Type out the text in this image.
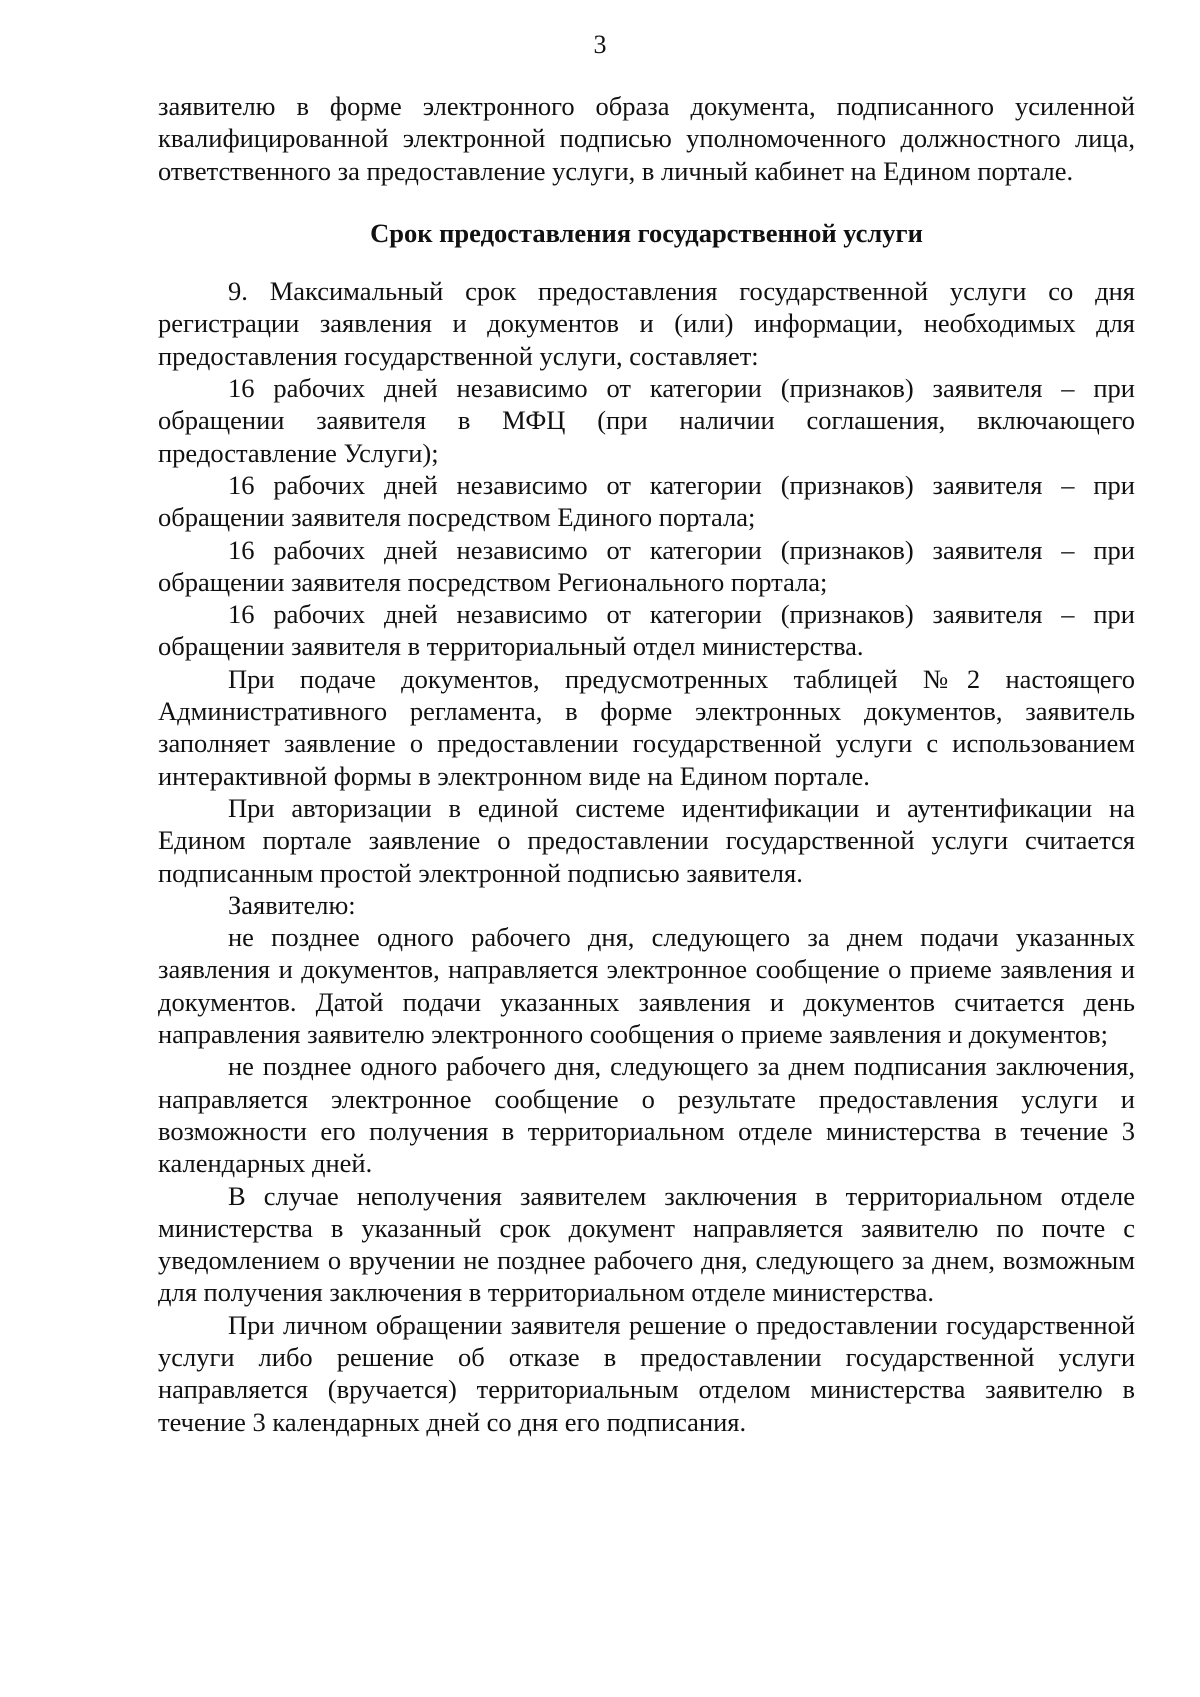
3

заявителю в форме электронного образа документа, подписанного усиленной квалифицированной электронной подписью уполномоченного должностного лица, ответственного за предоставление услуги, в личный кабинет на Едином портале.

Срок предоставления государственной услуги

9. Максимальный срок предоставления государственной услуги со дня регистрации заявления и документов и (или) информации, необходимых для предоставления государственной услуги, составляет:

16 рабочих дней независимо от категории (признаков) заявителя – при обращении заявителя в МФЦ (при наличии соглашения, включающего предоставление Услуги);

16 рабочих дней независимо от категории (признаков) заявителя – при обращении заявителя посредством Единого портала;

16 рабочих дней независимо от категории (признаков) заявителя – при обращении заявителя посредством Регионального портала;

16 рабочих дней независимо от категории (признаков) заявителя – при обращении заявителя в территориальный отдел министерства.

При подаче документов, предусмотренных таблицей №2 настоящего Административного регламента, в форме электронных документов, заявитель заполняет заявление о предоставлении государственной услуги с использованием интерактивной формы в электронном виде на Едином портале.

При авторизации в единой системе идентификации и аутентификации на Едином портале заявление о предоставлении государственной услуги считается подписанным простой электронной подписью заявителя.

Заявителю:

не позднее одного рабочего дня, следующего за днем подачи указанных заявления и документов, направляется электронное сообщение о приеме заявления и документов. Датой подачи указанных заявления и документов считается день направления заявителю электронного сообщения о приеме заявления и документов;

не позднее одного рабочего дня, следующего за днем подписания заключения, направляется электронное сообщение о результате предоставления услуги и возможности его получения в территориальном отделе министерства в течение 3 календарных дней.

В случае неполучения заявителем заключения в территориальном отделе министерства в указанный срок документ направляется заявителю по почте с уведомлением о вручении не позднее рабочего дня, следующего за днем, возможным для получения заключения в территориальном отделе министерства.

При личном обращении заявителя решение о предоставлении государственной услуги либо решение об отказе в предоставлении государственной услуги направляется (вручается) территориальным отделом министерства заявителю в течение 3 календарных дней со дня его подписания.
